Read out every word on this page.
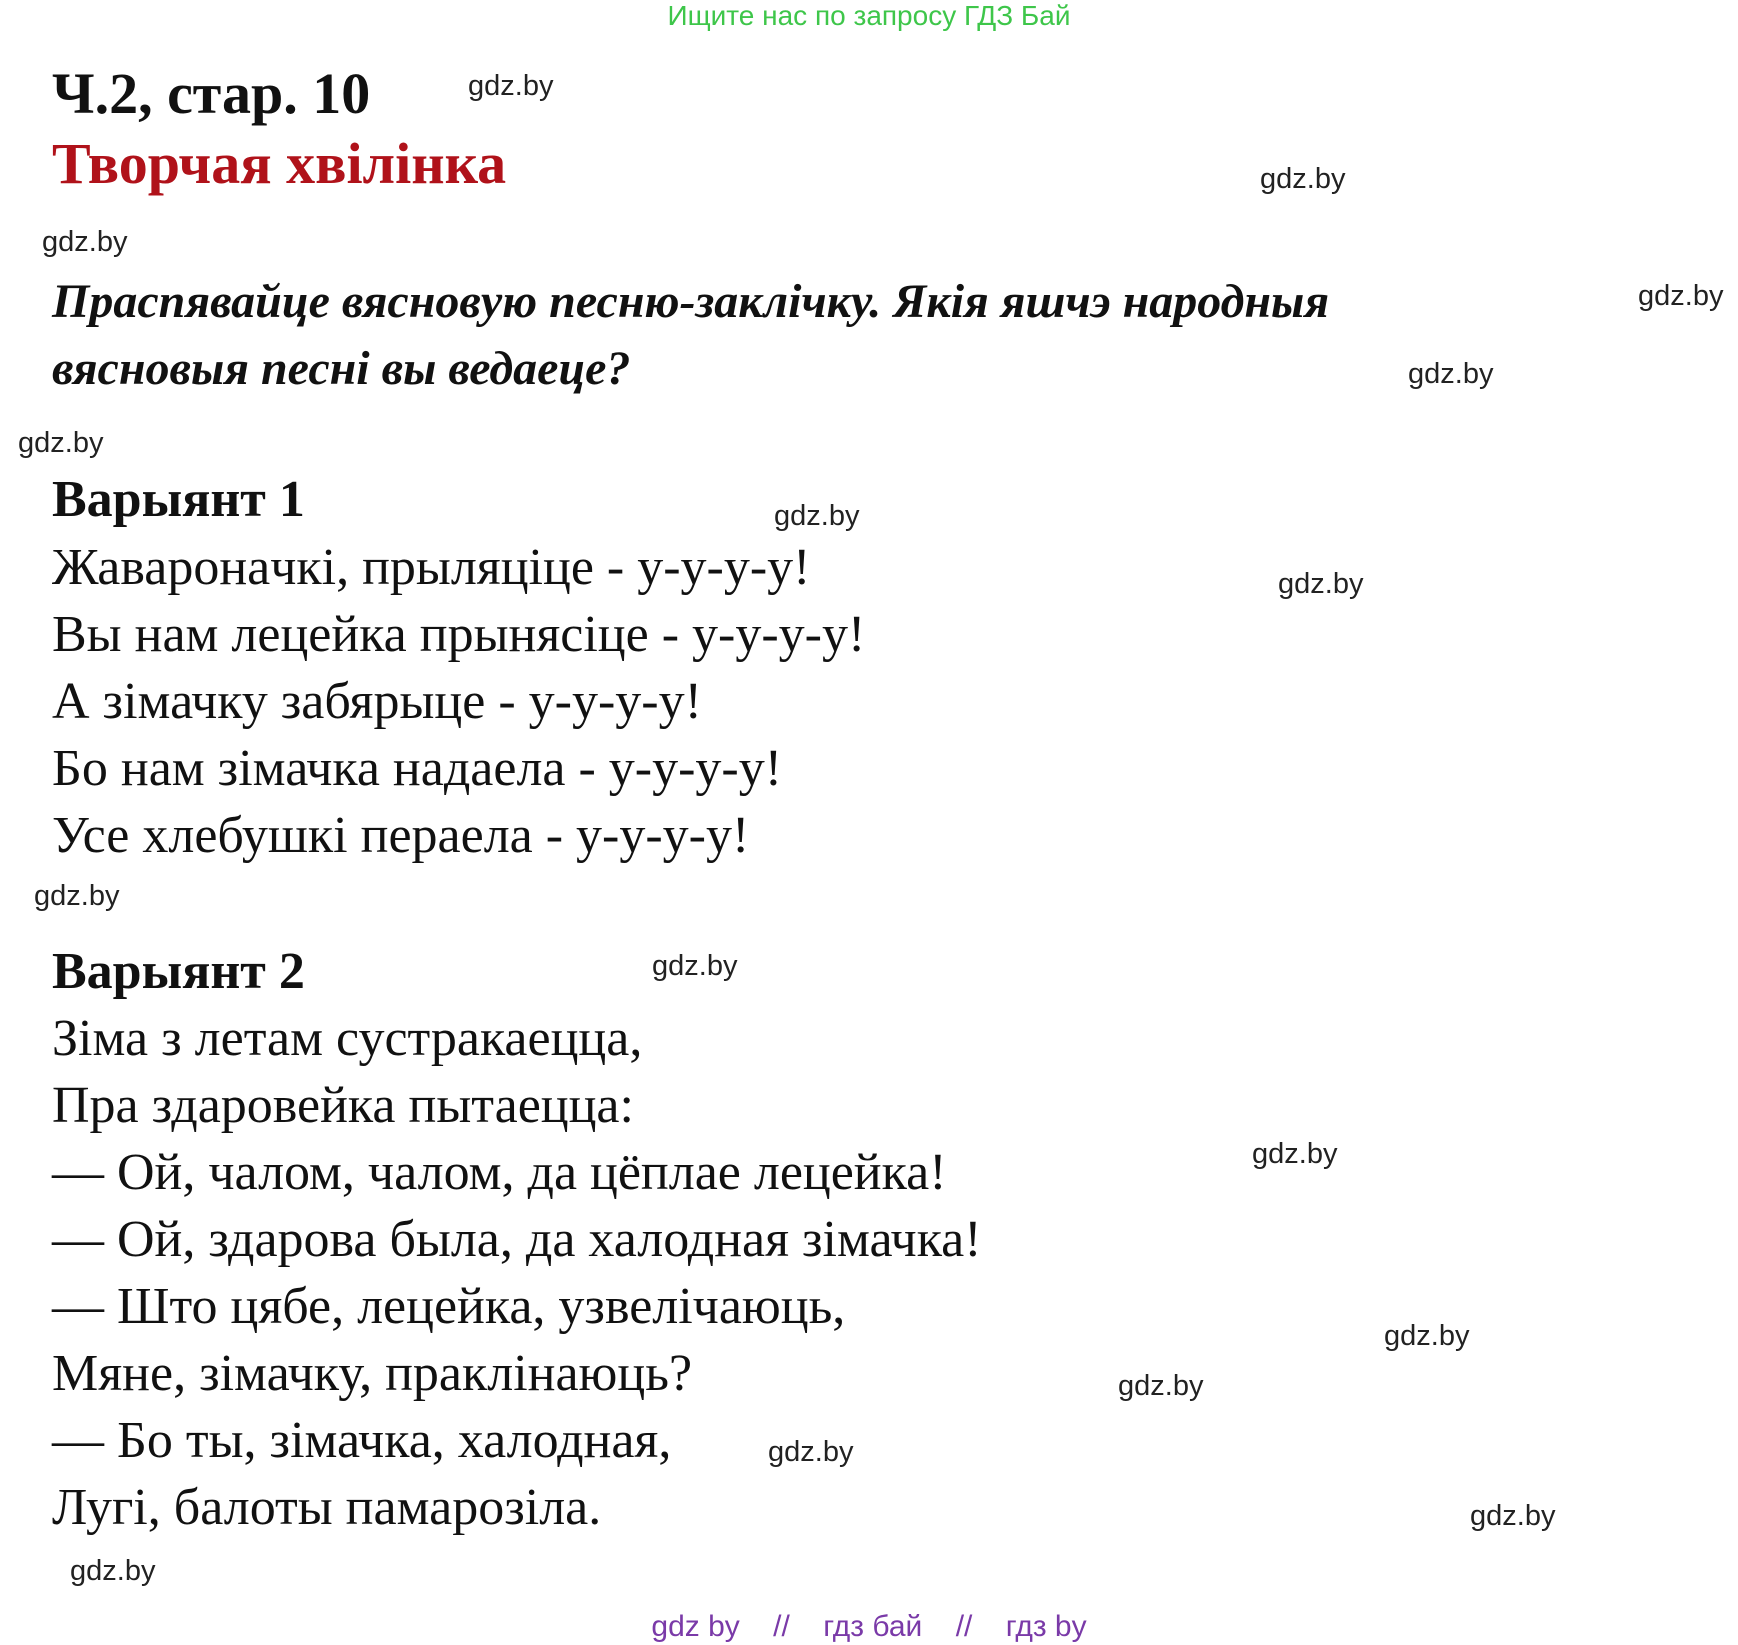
Ищите нас по запросу ГДЗ Бай
Ч.2, стар. 10
Творчая хвілінка
Праспявайце вясновую песню-заклічку. Якія яшчэ народныя
вясновыя песні вы ведаеце?
Варыянт 1
Жаваронaчкі, прыляціце - у-у-у-у!
Вы нам лецейка прынясіце - у-у-у-у!
А зімачку забярыце - у-у-у-у!
Бо нам зімачка надаела - у-у-у-у!
Усе хлебушкі пераела - у-у-у-у!
Варыянт 2
Зіма з летам сустракаецца,
Пра здаровейка пытаецца:
— Ой, чалом, чалом, да цёплае лецейка!
— Ой, здарова была, да халодная зімачка!
— Што цябе, лецейка, узвелічаюць,
Мяне, зімачку, праклінаюць?
— Бо ты, зімачка, халодная,
Лугі, балоты памарозіла.
gdz.by
gdz.by
gdz.by
gdz.by
gdz.by
gdz.by
gdz.by
gdz.by
gdz.by
gdz.by
gdz.by
gdz.by
gdz.by
gdz.by
gdz.by
gdz.by
gdz by // гдз бай // гдз by
